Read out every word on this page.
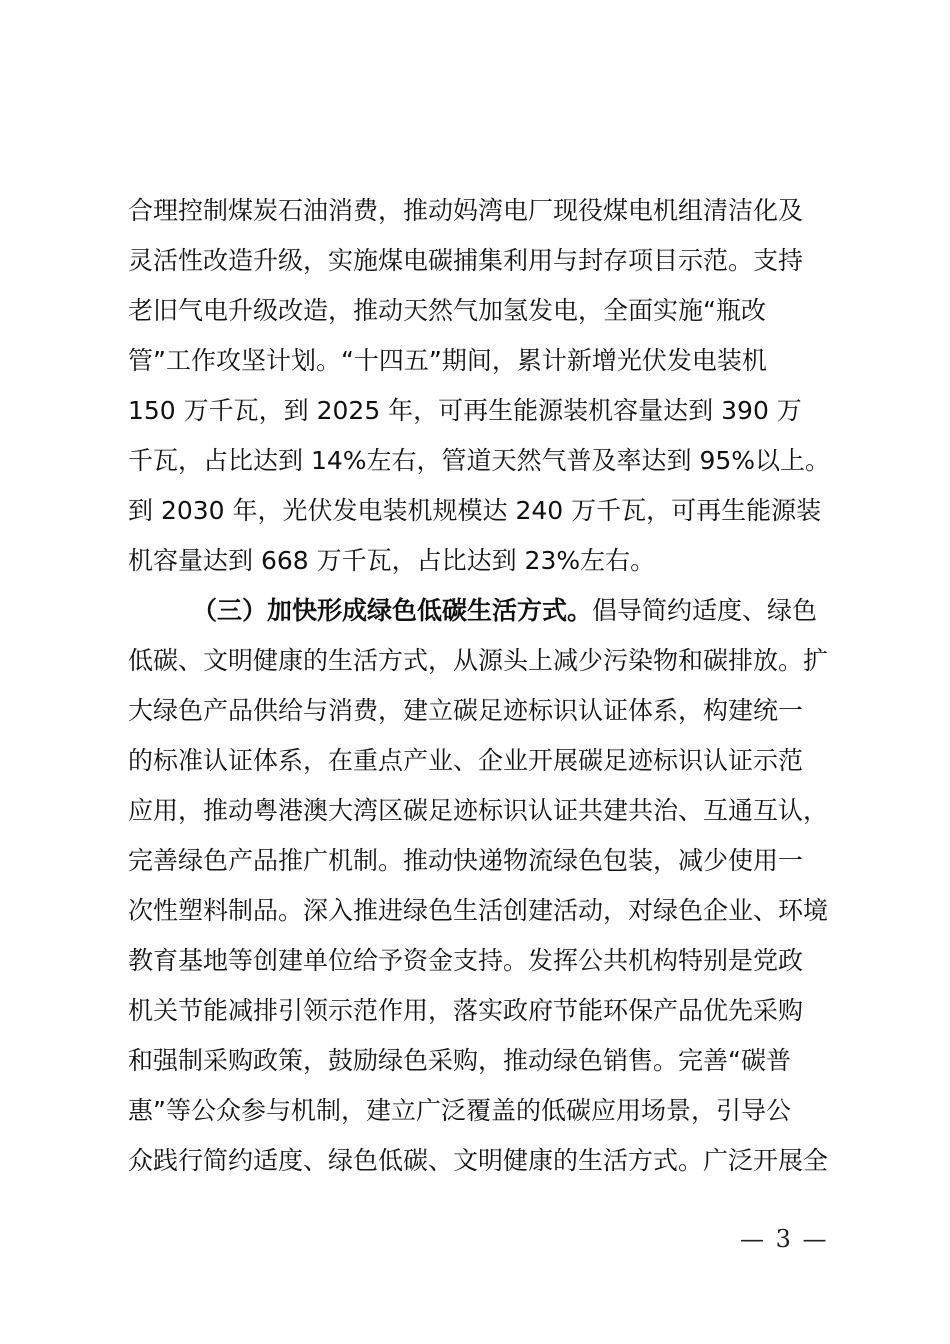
合理控制煤炭石油消费，推动妈湾电厂现役煤电机组清洁化及
灵活性改造升级，实施煤电碳捕集利用与封存项目示范。支持
老旧气电升级改造，推动天然气加氢发电，全面实施“瓶改
管”工作攻坚计划。“十四五”期间，累计新增光伏发电装机
150 万千瓦，到 2025 年，可再生能源装机容量达到 390 万
千瓦，占比达到 14%左右，管道天然气普及率达到 95%以上。
到 2030 年，光伏发电装机规模达 240 万千瓦，可再生能源装
机容量达到 668 万千瓦，占比达到 23%左右。
（三）加快形成绿色低碳生活方式。倡导简约适度、绿色
低碳、文明健康的生活方式，从源头上减少污染物和碳排放。扩
大绿色产品供给与消费，建立碳足迹标识认证体系，构建统一
的标准认证体系，在重点产业、企业开展碳足迹标识认证示范
应用，推动粤港澳大湾区碳足迹标识认证共建共治、互通互认，
完善绿色产品推广机制。推动快递物流绿色包装，减少使用一
次性塑料制品。深入推进绿色生活创建活动，对绿色企业、环境
教育基地等创建单位给予资金支持。发挥公共机构特别是党政
机关节能减排引领示范作用，落实政府节能环保产品优先采购
和强制采购政策，鼓励绿色采购，推动绿色销售。完善“碳普
惠”等公众参与机制，建立广泛覆盖的低碳应用场景，引导公
众践行简约适度、绿色低碳、文明健康的生活方式。广泛开展全
— 3 —
